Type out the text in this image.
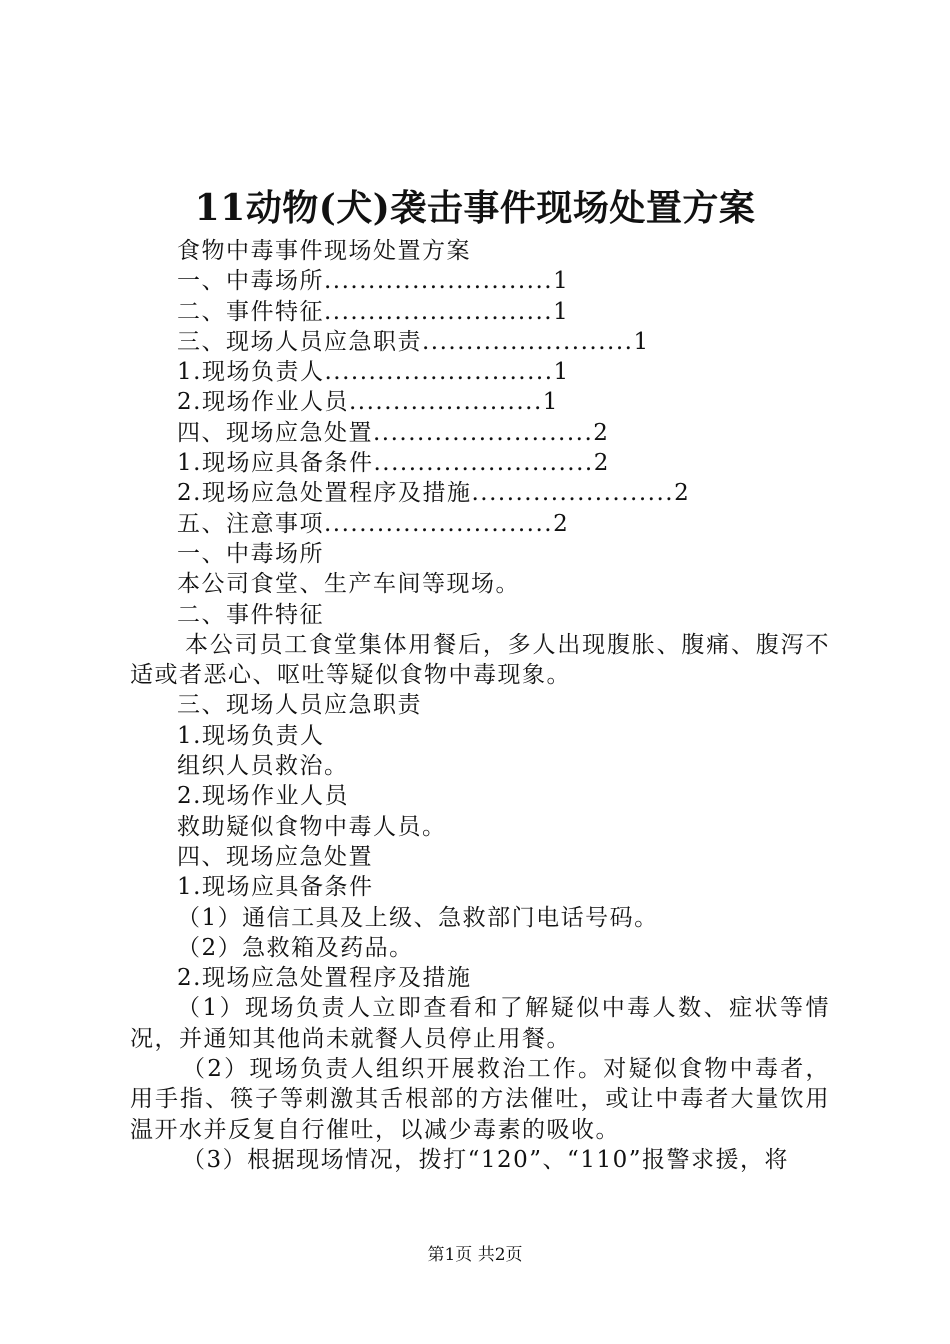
11动物(犬)袭击事件现场处置方案
食物中毒事件现场处置方案
一、中毒场所..........................1
二、事件特征..........................1
三、现场人员应急职责........................1
1.现场负责人..........................1
2.现场作业人员......................1
四、现场应急处置.........................2
1.现场应具备条件.........................2
2.现场应急处置程序及措施.......................2
五、注意事项..........................2
一、中毒场所
本公司食堂、生产车间等现场。
二、事件特征
本公司员工食堂集体用餐后，多人出现腹胀、腹痛、腹泻不适或者恶心、呕吐等疑似食物中毒现象。
三、现场人员应急职责
1.现场负责人
组织人员救治。
2.现场作业人员
救助疑似食物中毒人员。
四、现场应急处置
1.现场应具备条件
（1）通信工具及上级、急救部门电话号码。
（2）急救箱及药品。
2.现场应急处置程序及措施
（1）现场负责人立即查看和了解疑似中毒人数、症状等情况，并通知其他尚未就餐人员停止用餐。
（2）现场负责人组织开展救治工作。对疑似食物中毒者，用手指、筷子等刺激其舌根部的方法催吐，或让中毒者大量饮用温开水并反复自行催吐，以减少毒素的吸收。
（3）根据现场情况，拨打“120”、“110”报警求援，将
第1页 共2页
